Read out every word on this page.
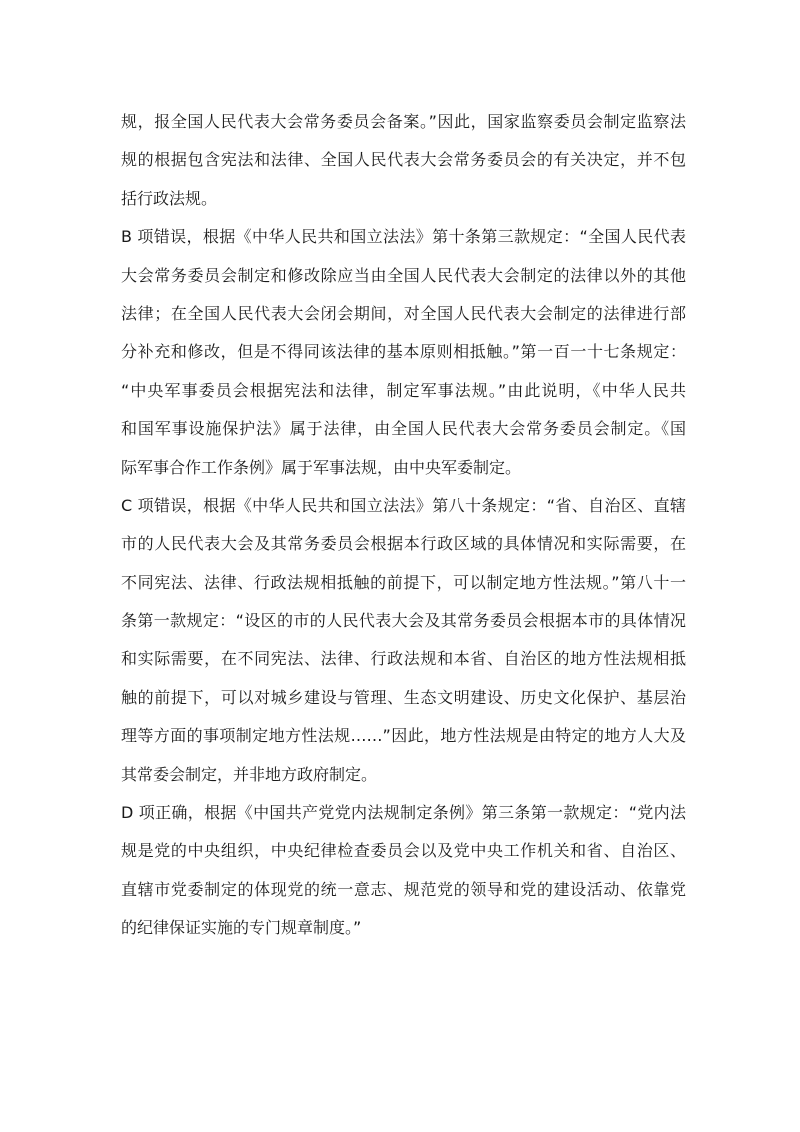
规，报全国人民代表大会常务委员会备案。”因此，国家监察委员会制定监察法
规的根据包含宪法和法律、全国人民代表大会常务委员会的有关决定，并不包
括行政法规。
B 项错误，根据《中华人民共和国立法法》第十条第三款规定：“全国人民代表
大会常务委员会制定和修改除应当由全国人民代表大会制定的法律以外的其他
法律；在全国人民代表大会闭会期间，对全国人民代表大会制定的法律进行部
分补充和修改，但是不得同该法律的基本原则相抵触。”第一百一十七条规定：
“中央军事委员会根据宪法和法律，制定军事法规。”由此说明，《中华人民共
和国军事设施保护法》属于法律，由全国人民代表大会常务委员会制定。《国
际军事合作工作条例》属于军事法规，由中央军委制定。
C 项错误，根据《中华人民共和国立法法》第八十条规定：“省、自治区、直辖
市的人民代表大会及其常务委员会根据本行政区域的具体情况和实际需要，在
不同宪法、法律、行政法规相抵触的前提下，可以制定地方性法规。”第八十一
条第一款规定：“设区的市的人民代表大会及其常务委员会根据本市的具体情况
和实际需要，在不同宪法、法律、行政法规和本省、自治区的地方性法规相抵
触的前提下，可以对城乡建设与管理、生态文明建设、历史文化保护、基层治
理等方面的事项制定地方性法规……”因此，地方性法规是由特定的地方人大及
其常委会制定，并非地方政府制定。
D 项正确，根据《中国共产党党内法规制定条例》第三条第一款规定：“党内法
规是党的中央组织，中央纪律检查委员会以及党中央工作机关和省、自治区、
直辖市党委制定的体现党的统一意志、规范党的领导和党的建设活动、依靠党
的纪律保证实施的专门规章制度。”
